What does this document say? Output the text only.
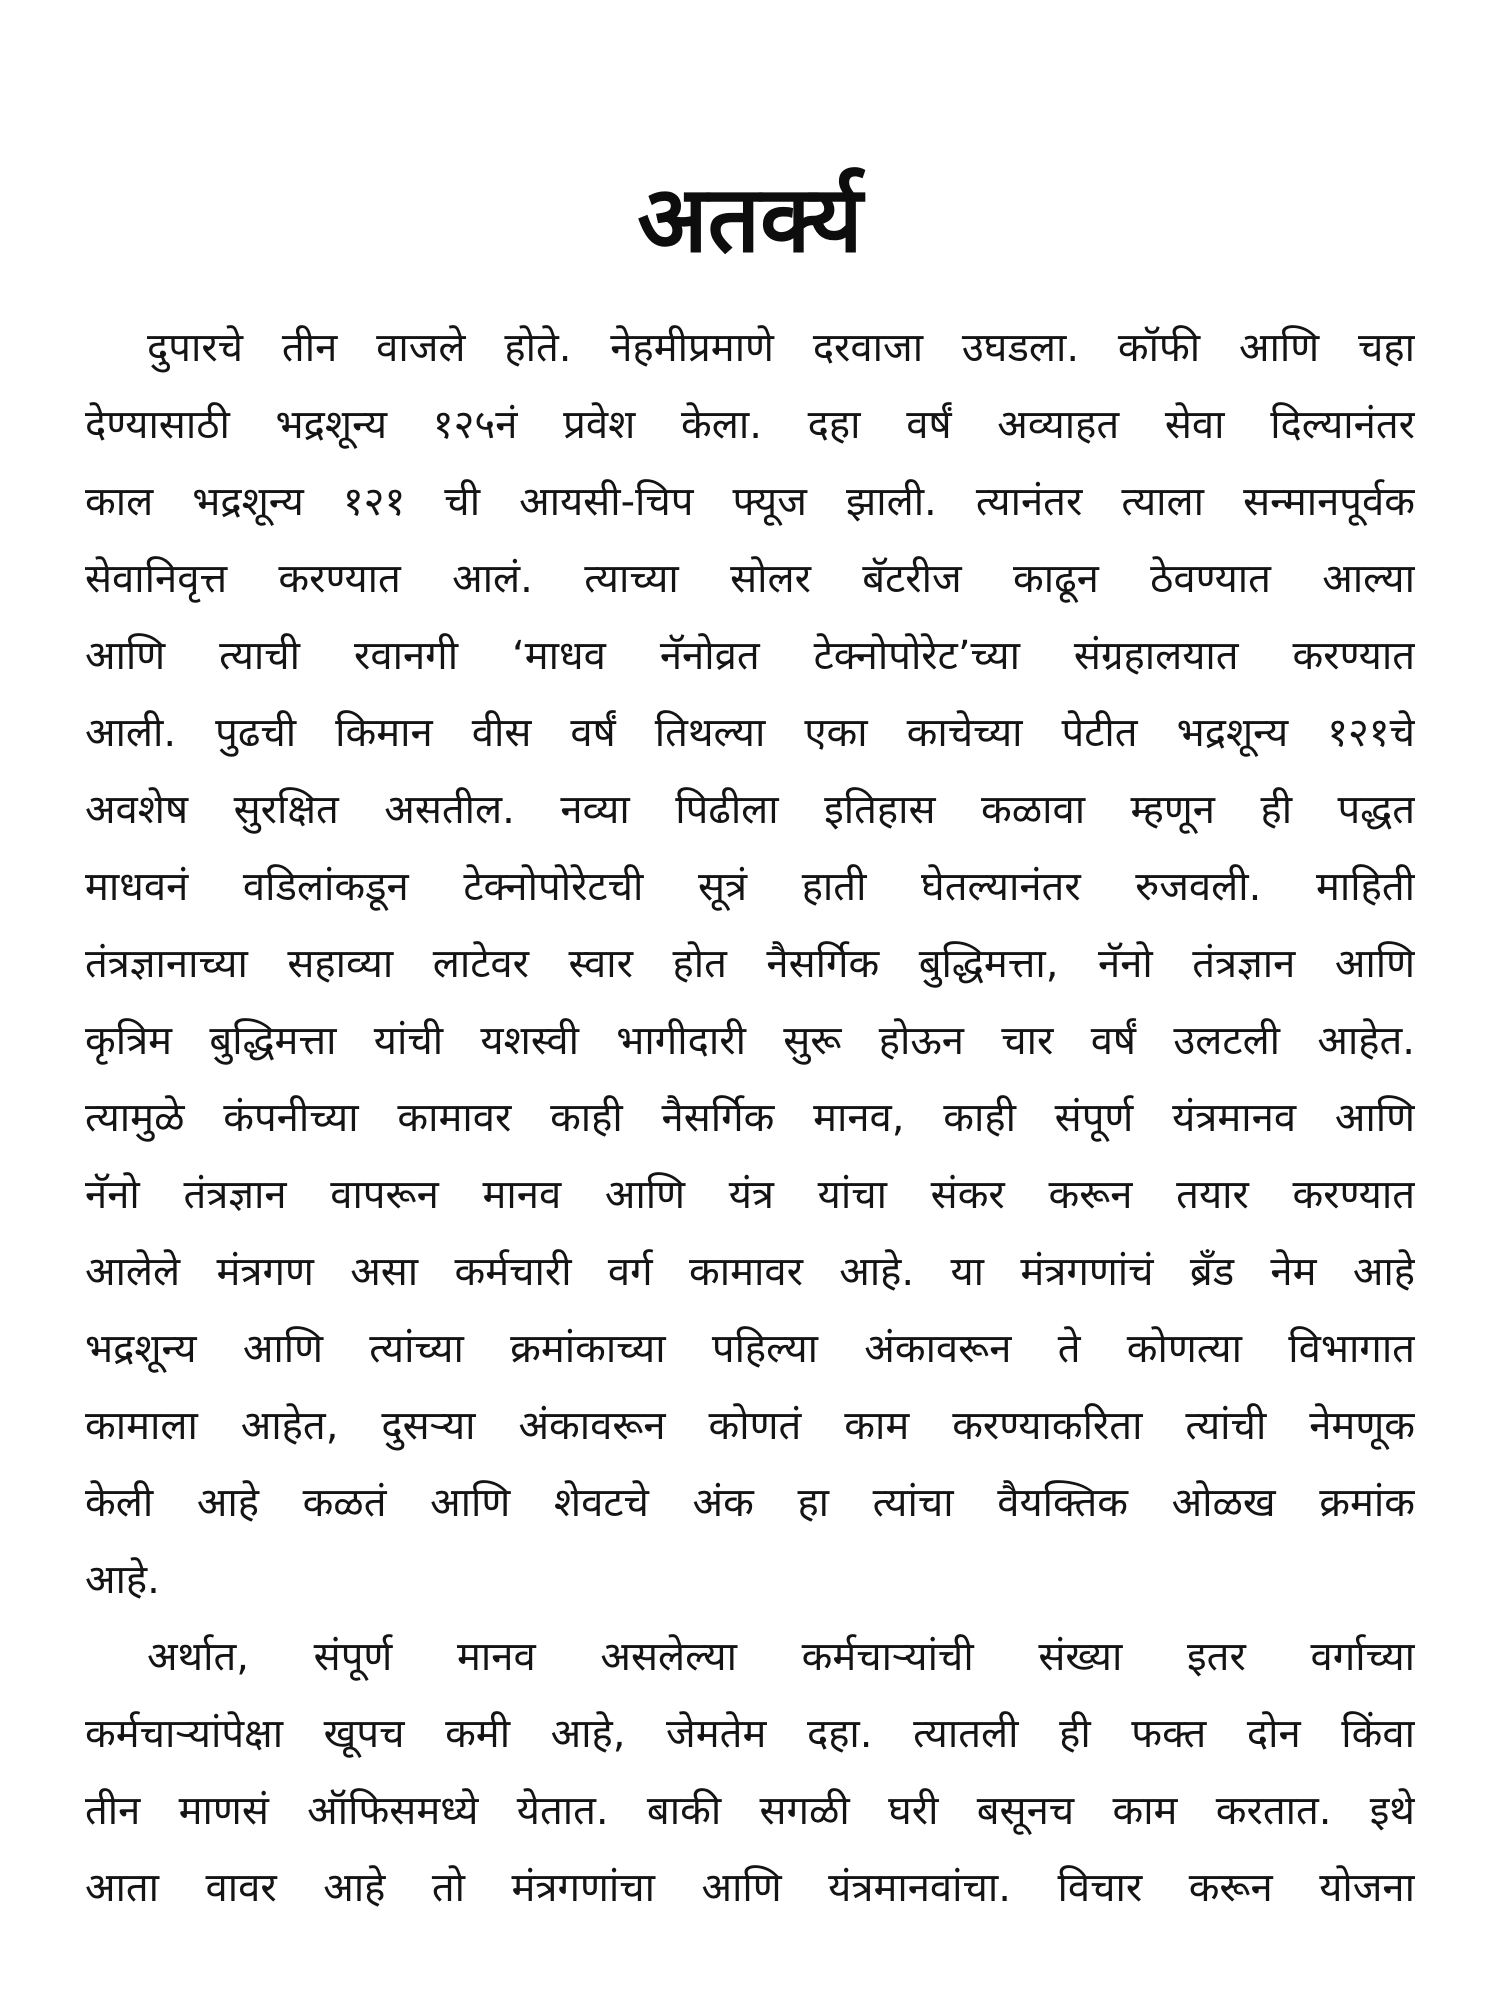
अतर्क्य
दुपारचे तीन वाजले होते. नेहमीप्रमाणे दरवाजा उघडला. कॉफी आणि चहा
देण्यासाठी भद्रशून्य १२५नं प्रवेश केला. दहा वर्षं अव्याहत सेवा दिल्यानंतर
काल भद्रशून्य १२१ ची आयसी-चिप फ्यूज झाली. त्यानंतर त्याला सन्मानपूर्वक
सेवानिवृत्त करण्यात आलं. त्याच्या सोलर बॅटरीज काढून ठेवण्यात आल्या
आणि त्याची रवानगी ‘माधव नॅनोव्रत टेक्नोपोरेट’च्या संग्रहालयात करण्यात
आली. पुढची किमान वीस वर्षं तिथल्या एका काचेच्या पेटीत भद्रशून्य १२१चे
अवशेष सुरक्षित असतील. नव्या पिढीला इतिहास कळावा म्हणून ही पद्धत
माधवनं वडिलांकडून टेक्नोपोरेटची सूत्रं हाती घेतल्यानंतर रुजवली. माहिती
तंत्रज्ञानाच्या सहाव्या लाटेवर स्वार होत नैसर्गिक बुद्धिमत्ता, नॅनो तंत्रज्ञान आणि
कृत्रिम बुद्धिमत्ता यांची यशस्वी भागीदारी सुरू होऊन चार वर्षं उलटली आहेत.
त्यामुळे कंपनीच्या कामावर काही नैसर्गिक मानव, काही संपूर्ण यंत्रमानव आणि
नॅनो तंत्रज्ञान वापरून मानव आणि यंत्र यांचा संकर करून तयार करण्यात
आलेले मंत्रगण असा कर्मचारी वर्ग कामावर आहे. या मंत्रगणांचं ब्रँड नेम आहे
भद्रशून्य आणि त्यांच्या क्रमांकाच्या पहिल्या अंकावरून ते कोणत्या विभागात
कामाला आहेत, दुसऱ्या अंकावरून कोणतं काम करण्याकरिता त्यांची नेमणूक
केली आहे कळतं आणि शेवटचे अंक हा त्यांचा वैयक्तिक ओळख क्रमांक
आहे.
अर्थात, संपूर्ण मानव असलेल्या कर्मचाऱ्यांची संख्या इतर वर्गाच्या
कर्मचाऱ्यांपेक्षा खूपच कमी आहे, जेमतेम दहा. त्यातली ही फक्त दोन किंवा
तीन माणसं ऑफिसमध्ये येतात. बाकी सगळी घरी बसूनच काम करतात. इथे
आता वावर आहे तो मंत्रगणांचा आणि यंत्रमानवांचा. विचार करून योजना
